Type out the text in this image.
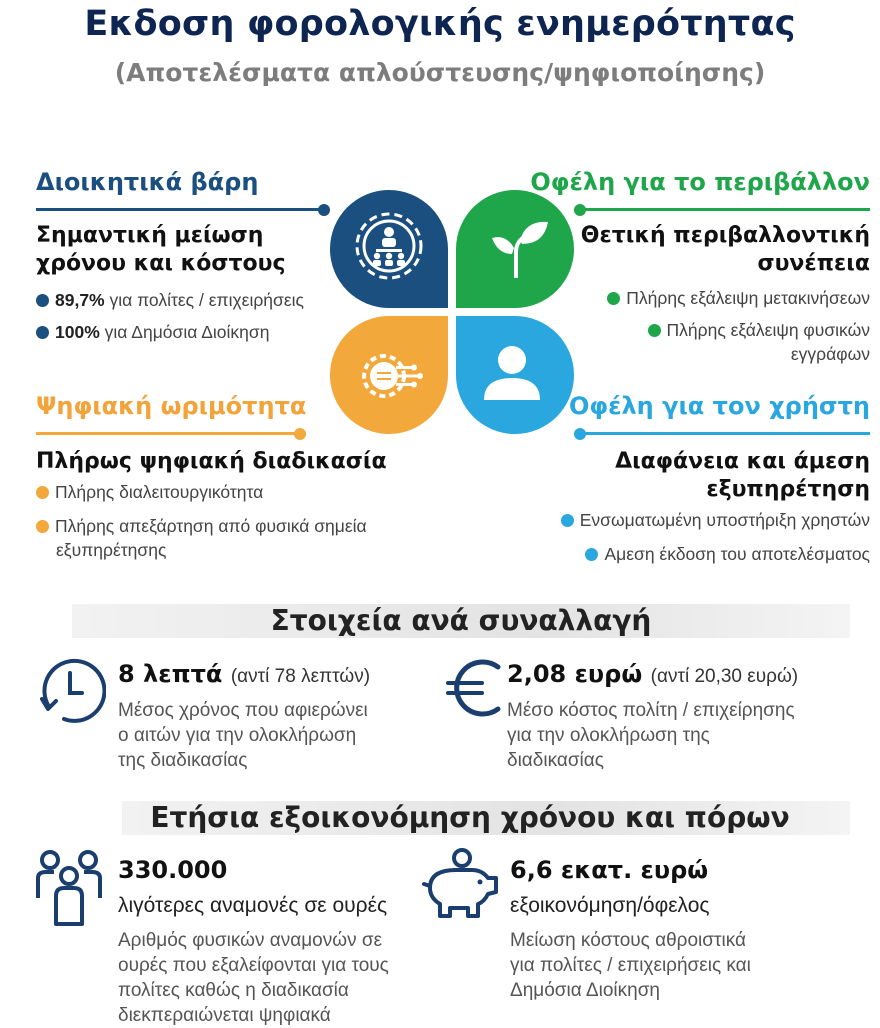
Εκδοση φορολογικής ενημερότητας
(Αποτελέσματα απλούστευσης/ψηφιοποίησης)
Διοικητικά βάρη
Σημαντική μείωση
χρόνου και κόστους
89,7% για πολίτες / επιχειρήσεις
100% για Δημόσια Διοίκηση
Οφέλη για το περιβάλλον
Θετική περιβαλλοντική
συνέπεια
Πλήρης εξάλειψη μετακινήσεων
Πλήρης εξάλειψη φυσικών
εγγράφων
Ψηφιακή ωριμότητα
Πλήρως ψηφιακή διαδικασία
Πλήρης διαλειτουργικότητα
Πλήρης απεξάρτηση από φυσικά σημεία
εξυπηρέτησης
Οφέλη για τον χρήστη
Διαφάνεια και άμεση
εξυπηρέτηση
Ενσωματωμένη υποστήριξη χρηστών
Αμεση έκδοση του αποτελέσματος
Στοιχεία ανά συναλλαγή
8 λεπτά (αντί 78 λεπτών)
Μέσος χρόνος που αφιερώνει
ο αιτών για την ολοκλήρωση
της διαδικασίας
2,08 ευρώ (αντί 20,30 ευρώ)
Μέσο κόστος πολίτη / επιχείρησης
για την ολοκλήρωση της
διαδικασίας
Ετήσια εξοικονόμηση χρόνου και πόρων
330.000
λιγότερες αναμονές σε ουρές
Αριθμός φυσικών αναμονών σε
ουρές που εξαλείφονται για τους
πολίτες καθώς η διαδικασία
διεκπεραιώνεται ψηφιακά
6,6 εκατ. ευρώ
εξοικονόμηση/όφελος
Μείωση κόστους αθροιστικά
για πολίτες / επιχειρήσεις και
Δημόσια Διοίκηση
